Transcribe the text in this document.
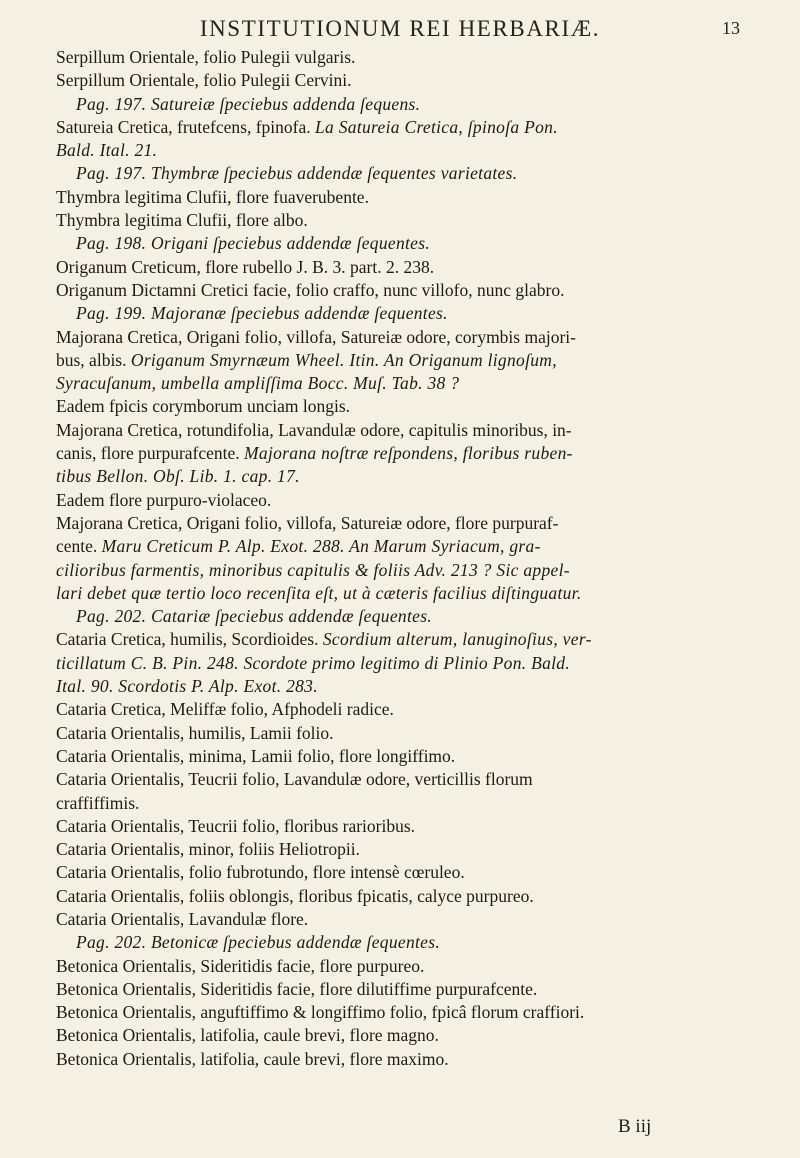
INSTITUTIONUM REI HERBARIÆ.	13
Serpillum Orientale, folio Pulegii vulgaris.
Serpillum Orientale, folio Pulegii Cervini.
Pag. 197. Satureiæ ſpeciebus addenda ſequens.
Satureia Cretica, frutefcens, fpinofa. La Satureia Cretica, ſpinoſa Pon.
Bald. Ital. 21.
Pag. 197. Thymbræ ſpeciebus addendæ ſequentes varietates.
Thymbra legitima Clufii, flore fuaverubente.
Thymbra legitima Clufii, flore albo.
Pag. 198. Origani ſpeciebus addendæ ſequentes.
Origanum Creticum, flore rubello J. B. 3. part. 2. 238.
Origanum Dictamni Cretici facie, folio craffo, nunc villofo, nunc glabro.
Pag. 199. Majoranæ ſpeciebus addendæ ſequentes.
Majorana Cretica, Origani folio, villofa, Satureiæ odore, corymbis majori-
bus, albis. Origanum Smyrnæum Wheel. Itin. An Origanum lignoſum,
Syracuſanum, umbella ampliſſima Bocc. Muſ. Tab. 38 ?
Eadem fpicis corymborum unciam longis.
Majorana Cretica, rotundifolia, Lavandulæ odore, capitulis minoribus, in-
canis, flore purpurafcente. Majorana noſtræ reſpondens, floribus ruben-
tibus Bellon. Obſ. Lib. 1. cap. 17.
Eadem flore purpuro-violaceo.
Majorana Cretica, Origani folio, villofa, Satureiæ odore, flore purpuraf-
cente. Maru Creticum P. Alp. Exot. 288. An Marum Syriacum, gra-
cilioribus farmentis, minoribus capitulis & foliis Adv. 213 ? Sic appel-
lari debet quæ tertio loco recenſita eſt, ut à cæteris facilius diſtinguatur.
Pag. 202. Catariæ ſpeciebus addendæ ſequentes.
Cataria Cretica, humilis, Scordioides. Scordium alterum, lanuginoſius, ver-
ticillatum C. B. Pin. 248. Scordote primo legitimo di Plinio Pon. Bald.
Ital. 90. Scordotis P. Alp. Exot. 283.
Cataria Cretica, Meliffæ folio, Afphodeli radice.
Cataria Orientalis, humilis, Lamii folio.
Cataria Orientalis, minima, Lamii folio, flore longiffimo.
Cataria Orientalis, Teucrii folio, Lavandulæ odore, verticillis florum
craffiffimis.
Cataria Orientalis, Teucrii folio, floribus rarioribus.
Cataria Orientalis, minor, foliis Heliotropii.
Cataria Orientalis, folio fubrotundo, flore intensè cœruleo.
Cataria Orientalis, foliis oblongis, floribus fpicatis, calyce purpureo.
Cataria Orientalis, Lavandulæ flore.
Pag. 202. Betonicæ ſpeciebus addendæ ſequentes.
Betonica Orientalis, Sideritidis facie, flore purpureo.
Betonica Orientalis, Sideritidis facie, flore dilutiffime purpurafcente.
Betonica Orientalis, anguftiffimo & longiffimo folio, fpicâ florum craffiori.
Betonica Orientalis, latifolia, caule brevi, flore magno.
Betonica Orientalis, latifolia, caule brevi, flore maximo.
B iij
